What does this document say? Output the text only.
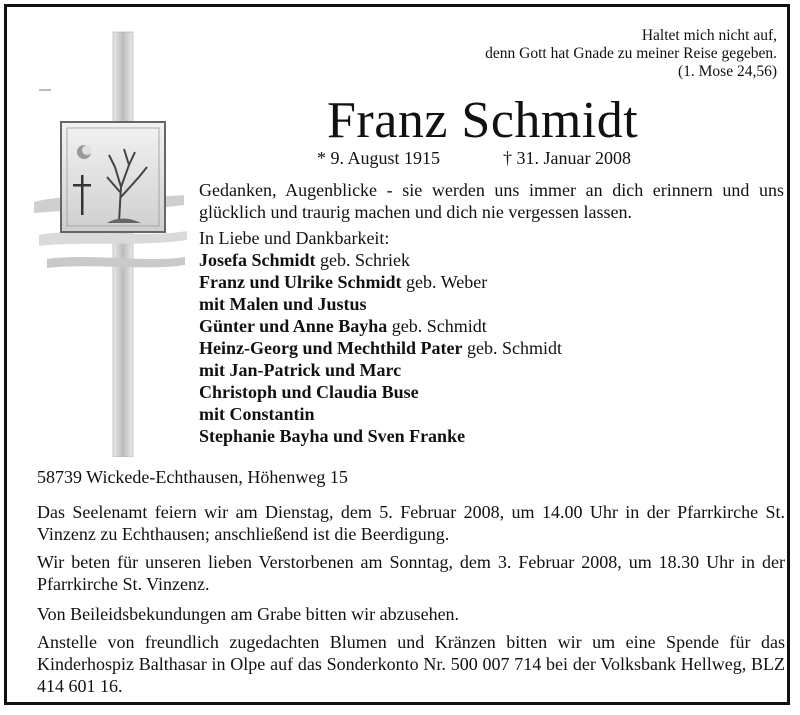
Haltet mich nicht auf,
denn Gott hat Gnade zu meiner Reise gegeben.
(1. Mose 24,56)
Franz Schmidt
* 9. August 1915	† 31. Januar 2008
Gedanken, Augenblicke - sie werden uns immer an dich erinnern und uns glücklich und traurig machen und dich nie vergessen lassen.
In Liebe und Dankbarkeit:
Josefa Schmidt geb. Schriek
Franz und Ulrike Schmidt geb. Weber
mit Malen und Justus
Günter und Anne Bayha geb. Schmidt
Heinz-Georg und Mechthild Pater geb. Schmidt
mit Jan-Patrick und Marc
Christoph und Claudia Buse
mit Constantin
Stephanie Bayha und Sven Franke
58739 Wickede-Echthausen, Höhenweg 15
Das Seelenamt feiern wir am Dienstag, dem 5. Februar 2008, um 14.00 Uhr in der Pfarrkirche St. Vinzenz zu Echthausen; anschließend ist die Beerdigung.
Wir beten für unseren lieben Verstorbenen am Sonntag, dem 3. Februar 2008, um 18.30 Uhr in der Pfarrkirche St. Vinzenz.
Von Beileidsbekundungen am Grabe bitten wir abzusehen.
Anstelle von freundlich zugedachten Blumen und Kränzen bitten wir um eine Spende für das Kinderhospiz Balthasar in Olpe auf das Sonderkonto Nr. 500 007 714 bei der Volksbank Hellweg, BLZ 414 601 16.
